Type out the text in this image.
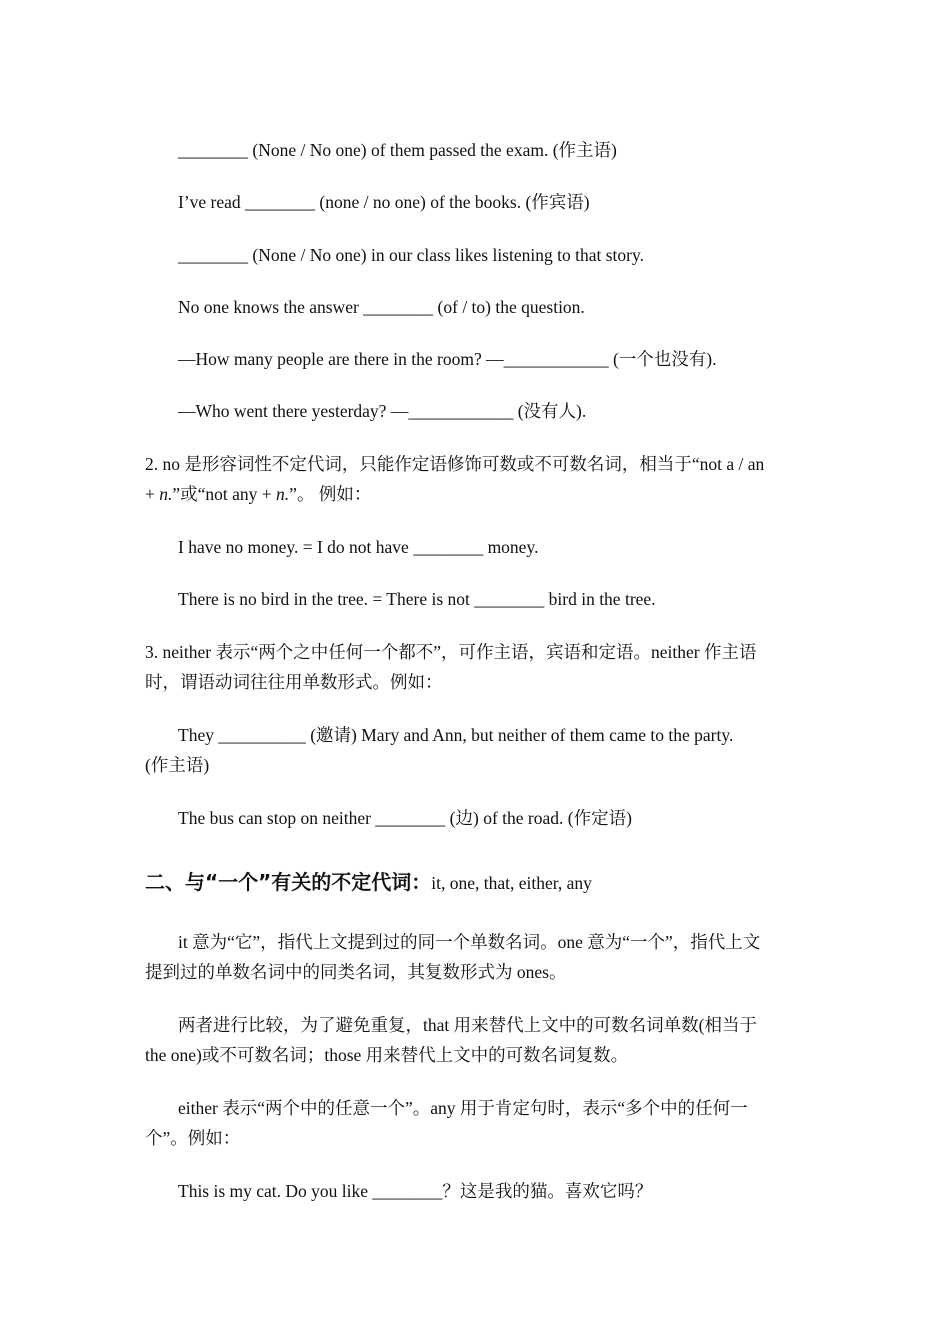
________ (None / No one) of them passed the exam. (作主语)
I’ve read ________ (none / no one) of the books. (作宾语)
________ (None / No one) in our class likes listening to that story.
No one knows the answer ________ (of / to) the question.
—How many people are there in the room? —____________ (一个也没有).
—Who went there yesterday? —____________ (没有人).
2. no 是形容词性不定代词，只能作定语修饰可数或不可数名词，相当于“not a / an
+ n.”或“not any + n.”。 例如：
I have no money. = I do not have ________ money.
There is no bird in the tree. = There is not ________ bird in the tree.
3. neither 表示“两个之中任何一个都不”，可作主语，宾语和定语。neither 作主语
时，谓语动词往往用单数形式。例如：
They __________ (邀请) Mary and Ann, but neither of them came to the party.
(作主语)
The bus can stop on neither ________ (边) of the road. (作定语)
二、与“一个”有关的不定代词：it, one, that, either, any
it 意为“它”，指代上文提到过的同一个单数名词。one 意为“一个”，指代上文
提到过的单数名词中的同类名词，其复数形式为 ones。
两者进行比较，为了避免重复，that 用来替代上文中的可数名词单数(相当于
the one)或不可数名词；those 用来替代上文中的可数名词复数。
either 表示“两个中的任意一个”。any 用于肯定句时，表示“多个中的任何一
个”。例如：
This is my cat. Do you like ________？这是我的猫。喜欢它吗？
